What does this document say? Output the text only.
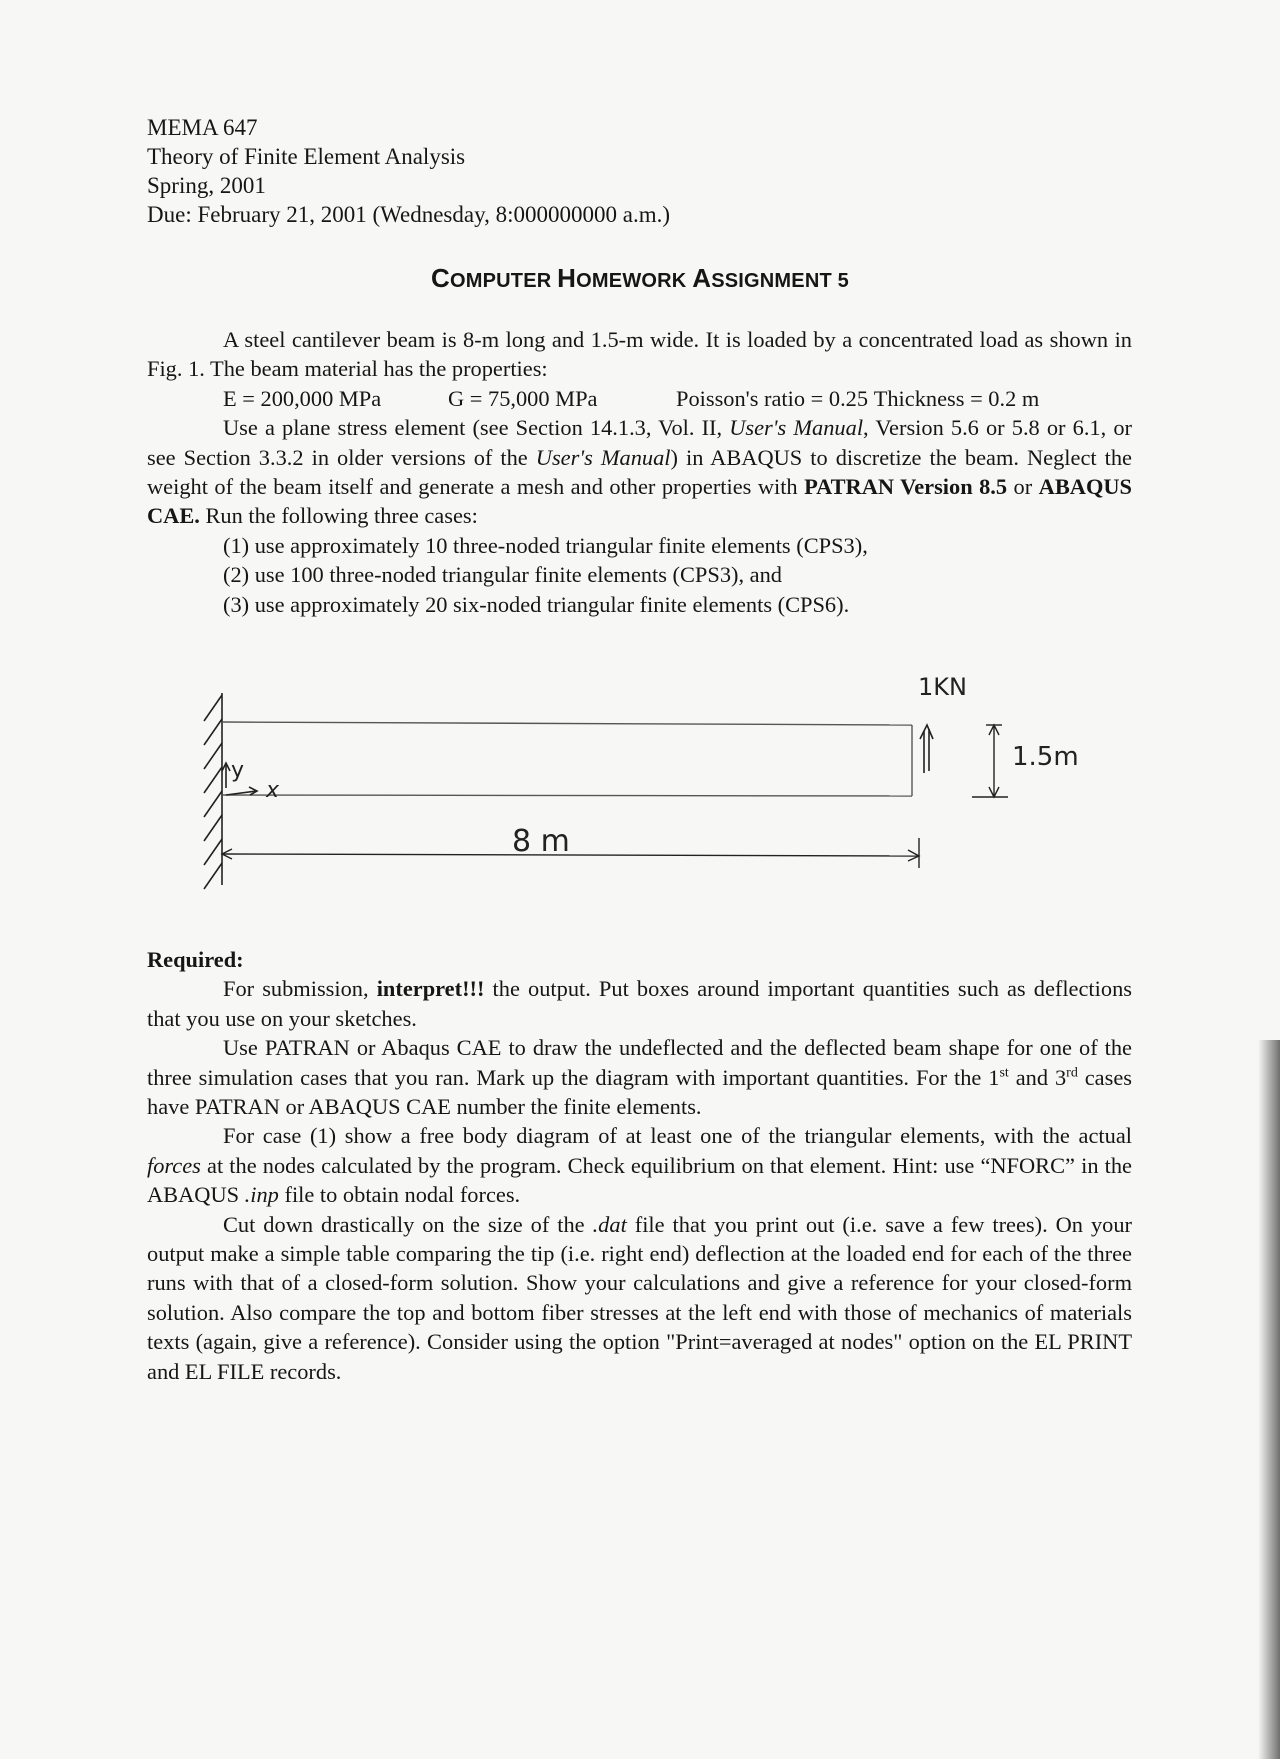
MEMA 647
Theory of Finite Element Analysis
Spring, 2001
Due: February 21, 2001 (Wednesday, 8:000000000 a.m.)
COMPUTER HOMEWORK ASSIGNMENT 5

A steel cantilever beam is 8-m long and 1.5-m wide. It is loaded by a concentrated load as shown in Fig. 1. The beam material has the properties:

E = 200,000 MPa	G = 75,000 MPa	Poisson's ratio = 0.25 Thickness = 0.2 m

Use a plane stress element (see Section 14.1.3, Vol. II, User's Manual, Version 5.6 or 5.8 or 6.1, or see Section 3.3.2 in older versions of the User's Manual) in ABAQUS to discretize the beam. Neglect the weight of the beam itself and generate a mesh and other properties with PATRAN Version 8.5 or ABAQUS CAE. Run the following three cases:

(1) use approximately 10 three-noded triangular finite elements (CPS3),
(2) use 100 three-noded triangular finite elements (CPS3), and
(3) use approximately 20 six-noded triangular finite elements (CPS6).
y
x
8 m
1KN
1.5m
Required:

For submission, interpret!!! the output. Put boxes around important quantities such as deflections that you use on your sketches.

Use PATRAN or Abaqus CAE to draw the undeflected and the deflected beam shape for one of the three simulation cases that you ran. Mark up the diagram with important quantities. For the 1st and 3rd cases have PATRAN or ABAQUS CAE number the finite elements.

For case (1) show a free body diagram of at least one of the triangular elements, with the actual forces at the nodes calculated by the program. Check equilibrium on that element. Hint: use “NFORC” in the ABAQUS .inp file to obtain nodal forces.

Cut down drastically on the size of the .dat file that you print out (i.e. save a few trees). On your output make a simple table comparing the tip (i.e. right end) deflection at the loaded end for each of the three runs with that of a closed-form solution. Show your calculations and give a reference for your closed-form solution. Also compare the top and bottom fiber stresses at the left end with those of mechanics of materials texts (again, give a reference). Consider using the option "Print=averaged at nodes" option on the EL PRINT and EL FILE records.
